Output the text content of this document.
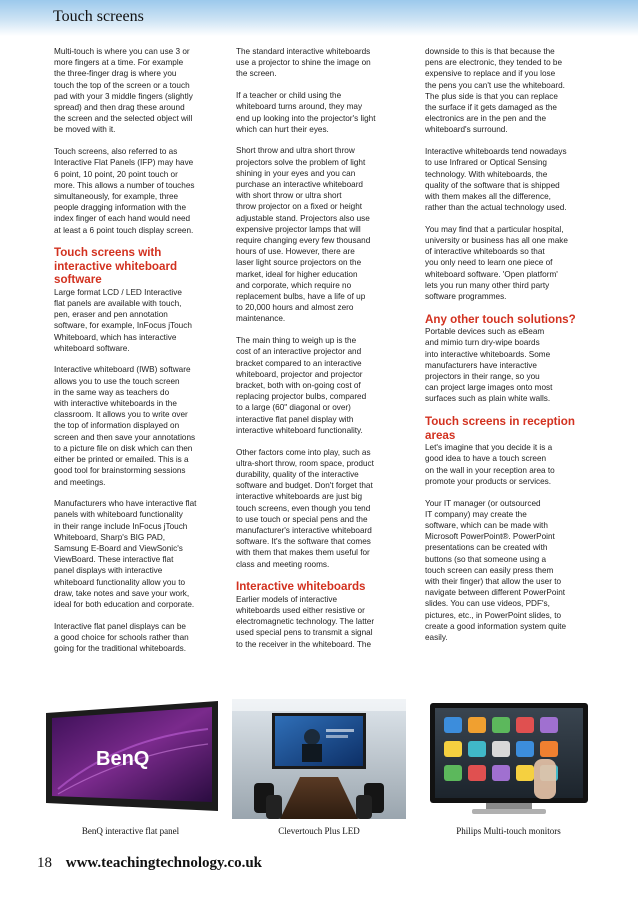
Touch screens

Multi-touch is where you can use 3 or
more fingers at a time. For example
the three-finger drag is where you
touch the top of the screen or a touch
pad with your 3 middle fingers (slightly
spread) and then drag these around
the screen and the selected object will
be moved with it.

Touch screens, also referred to as
Interactive Flat Panels (IFP) may have
6 point, 10 point, 20 point touch or
more. This allows a number of touches
simultaneously, for example, three
people dragging information with the
index finger of each hand would need
at least a 6 point touch display screen.

Touch screens with
interactive whiteboard
software

Large format LCD / LED Interactive
flat panels are available with touch,
pen, eraser and pen annotation
software, for example, InFocus jTouch
Whiteboard, which has interactive
whiteboard software.

Interactive whiteboard (IWB) software
allows you to use the touch screen
in the same way as teachers do
with interactive whiteboards in the
classroom. It allows you to write over
the top of information displayed on
screen and then save your annotations
to a picture file on disk which can then
either be printed or emailed. This is a
good tool for brainstorming sessions
and meetings.

Manufacturers who have interactive flat
panels with whiteboard functionality
in their range include InFocus jTouch
Whiteboard, Sharp's BIG PAD,
Samsung E-Board and ViewSonic's
ViewBoard. These interactive flat
panel displays with interactive
whiteboard functionality allow you to
draw, take notes and save your work,
ideal for both education and corporate.

Interactive flat panel displays can be
a good choice for schools rather than
going for the traditional whiteboards.

The standard interactive whiteboards
use a projector to shine the image on
the screen.

If a teacher or child using the
whiteboard turns around, they may
end up looking into the projector's light
which can hurt their eyes.

Short throw and ultra short throw
projectors solve the problem of light
shining in your eyes and you can
purchase an interactive whiteboard
with short throw or ultra short
throw projector on a fixed or height
adjustable stand. Projectors also use
expensive projector lamps that will
require changing every few thousand
hours of use. However, there are
laser light source projectors on the
market, ideal for higher education
and corporate, which require no
replacement bulbs, have a life of up
to 20,000 hours and almost zero
maintenance.

The main thing to weigh up is the
cost of an interactive projector and
bracket compared to an interactive
whiteboard, projector and projector
bracket, both with on-going cost of
replacing projector bulbs, compared
to a large (60" diagonal or over)
interactive flat panel display with
interactive whiteboard functionality.

Other factors come into play, such as
ultra-short throw, room space, product
durability, quality of the interactive
software and budget. Don't forget that
interactive whiteboards are just big
touch screens, even though you tend
to use touch or special pens and the
manufacturer's interactive whiteboard
software. It's the software that comes
with them that makes them useful for
class and meeting rooms.

Interactive whiteboards

Earlier models of interactive
whiteboards used either resistive or
electromagnetic technology. The latter
used special pens to transmit a signal
to the receiver in the whiteboard. The

downside to this is that because the
pens are electronic, they tended to be
expensive to replace and if you lose
the pens you can't use the whiteboard.
The plus side is that you can replace
the surface if it gets damaged as the
electronics are in the pen and the
whiteboard's surround.

Interactive whiteboards tend nowadays
to use Infrared or Optical Sensing
technology. With whiteboards, the
quality of the software that is shipped
with them makes all the difference,
rather than the actual technology used.

You may find that a particular hospital,
university or business has all one make
of interactive whiteboards so that
you only need to learn one piece of
whiteboard software. 'Open platform'
lets you run many other third party
software programmes.

Any other touch solutions?

Portable devices such as eBeam
and mimio turn dry-wipe boards
into interactive whiteboards. Some
manufacturers have interactive
projectors in their range, so you
can project large images onto most
surfaces such as plain white walls.

Touch screens in reception
areas

Let's imagine that you decide it is a
good idea to have a touch screen
on the wall in your reception area to
promote your products or services.

Your IT manager (or outsourced
IT company) may create the
software, which can be made with
Microsoft PowerPoint®. PowerPoint
presentations can be created with
buttons (so that someone using a
touch screen can easily press them
with their finger) that allow the user to
navigate between different PowerPoint
slides. You can use videos, PDF's,
pictures, etc., in PowerPoint slides, to
create a good information system quite
easily.

BenQ
BenQ interactive flat panel	Clevertouch Plus LED	Philips Multi-touch monitors
18 www.teachingtechnology.co.uk
